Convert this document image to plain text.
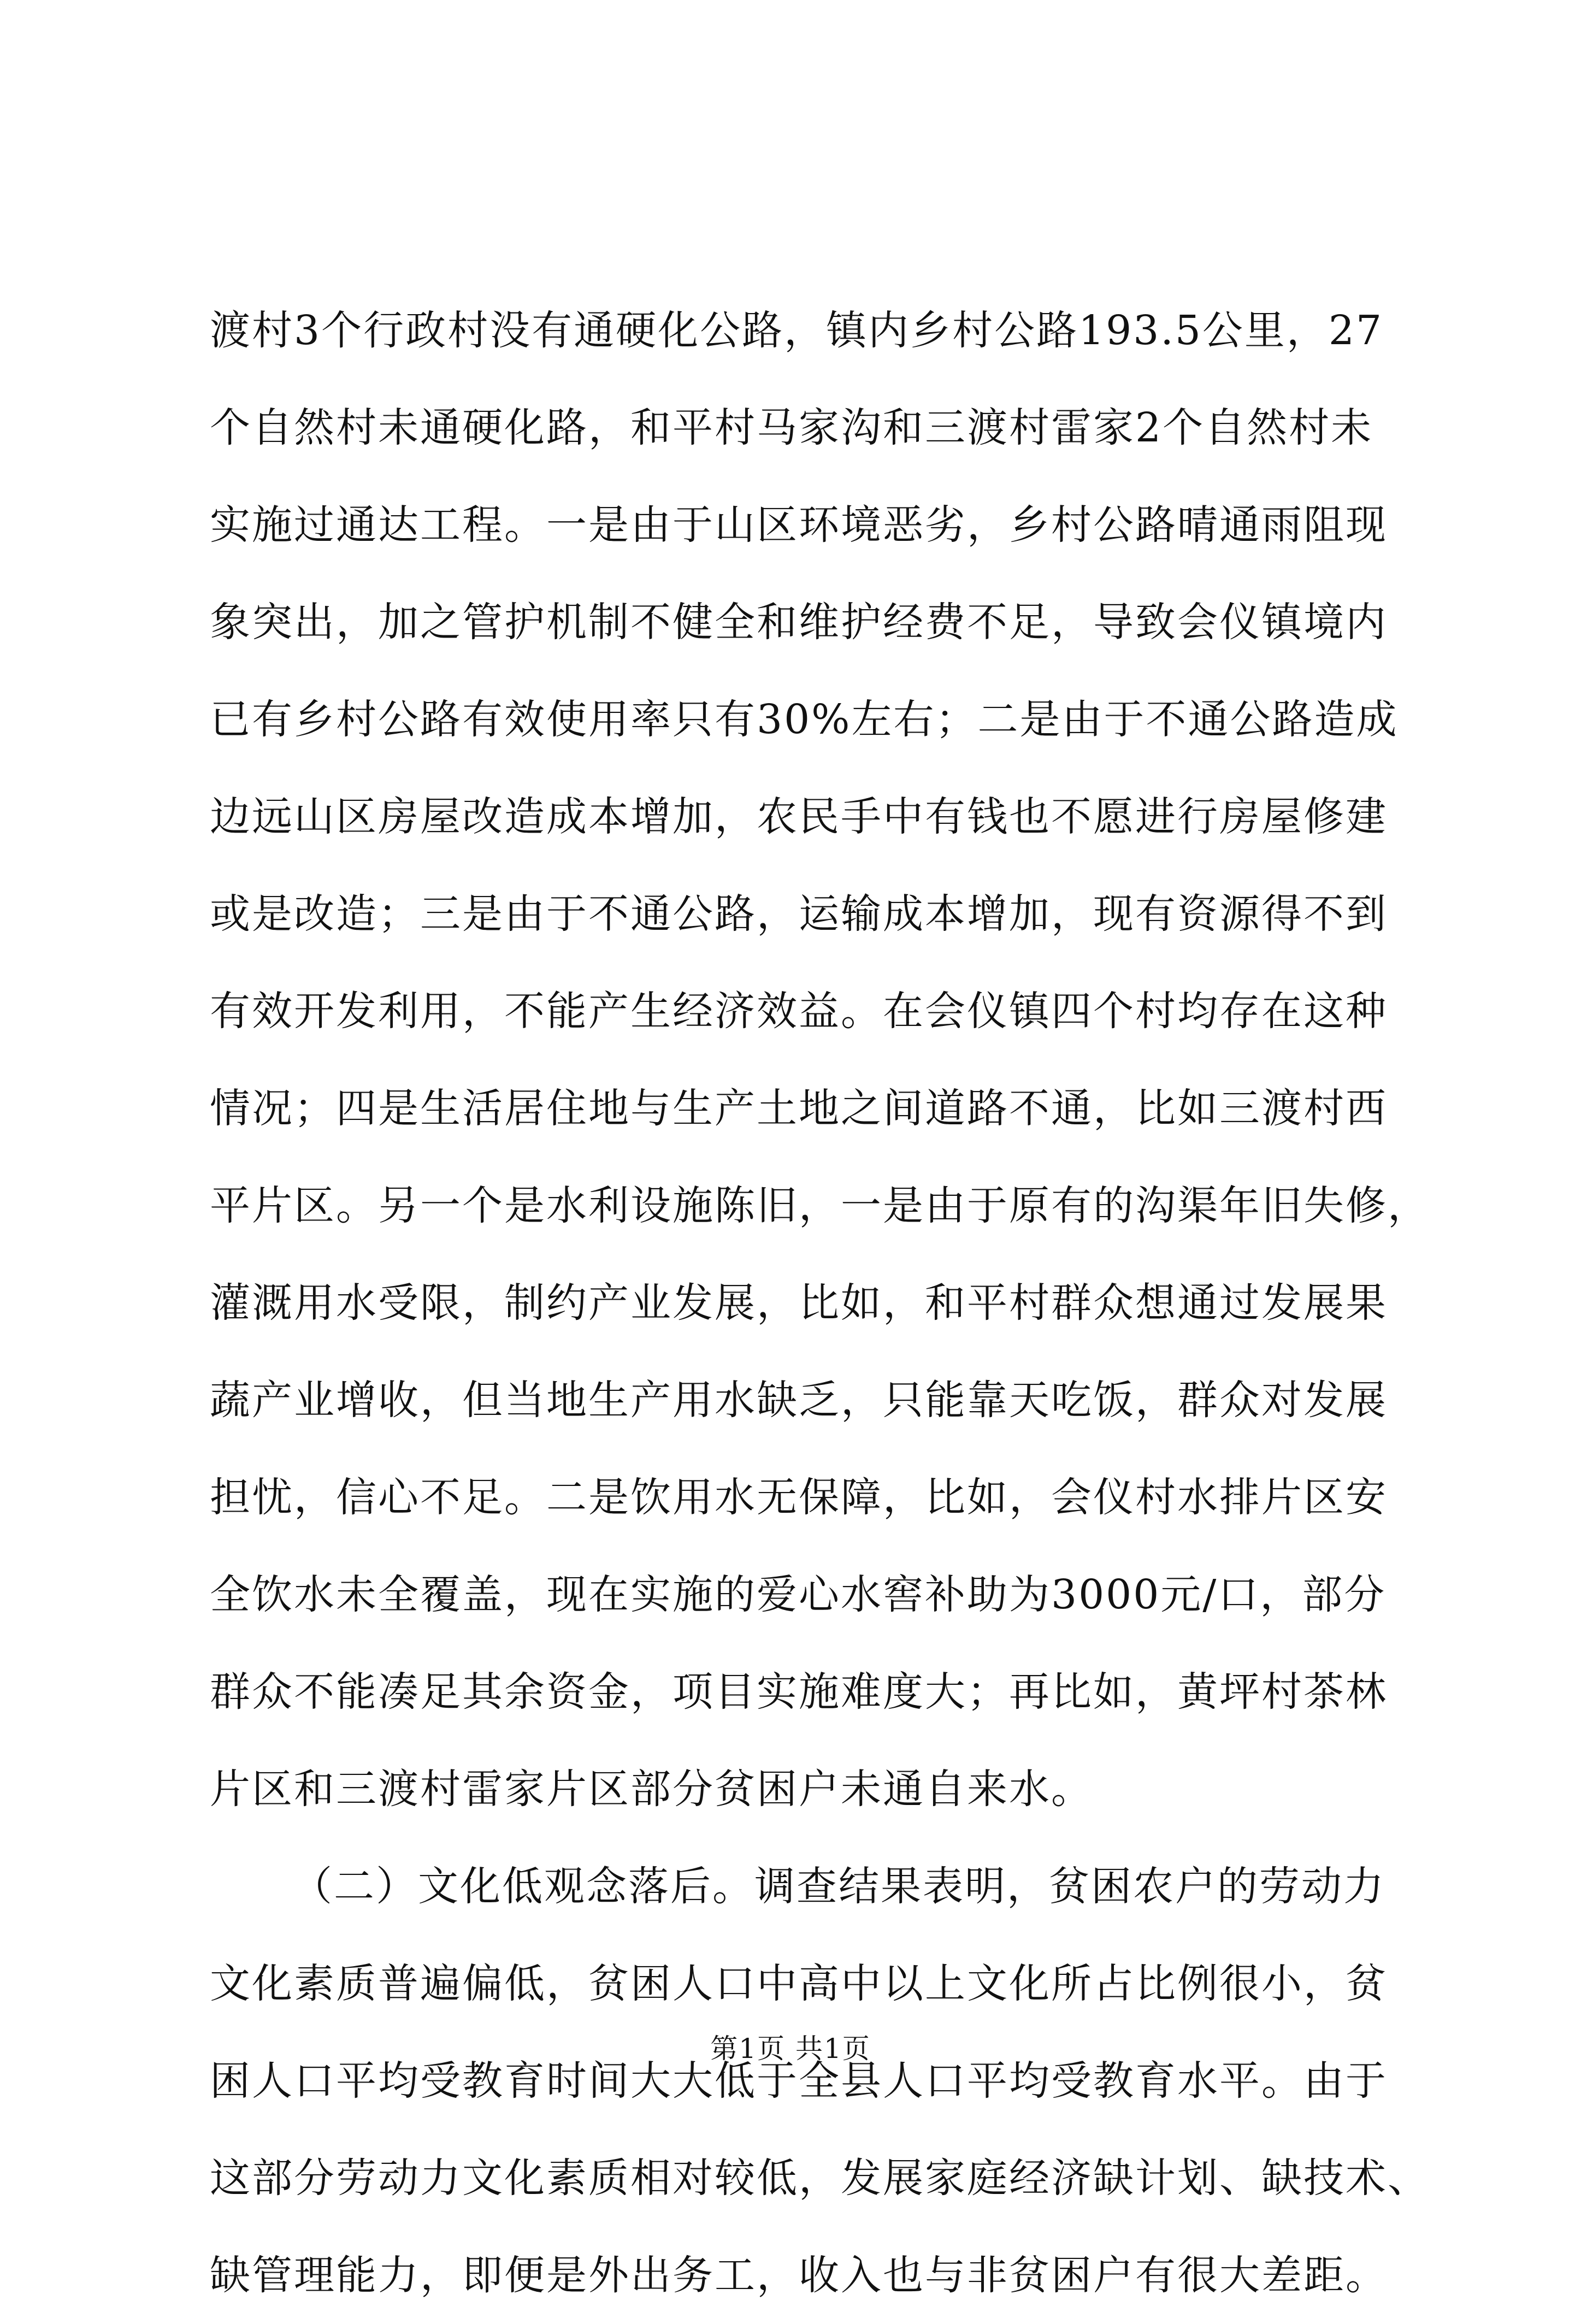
渡村3个行政村没有通硬化公路，镇内乡村公路193.5公里，27
个自然村未通硬化路，和平村马家沟和三渡村雷家2个自然村未
实施过通达工程。一是由于山区环境恶劣，乡村公路晴通雨阻现
象突出，加之管护机制不健全和维护经费不足，导致会仪镇境内
已有乡村公路有效使用率只有30%左右；二是由于不通公路造成
边远山区房屋改造成本增加，农民手中有钱也不愿进行房屋修建
或是改造；三是由于不通公路，运输成本增加，现有资源得不到
有效开发利用，不能产生经济效益。在会仪镇四个村均存在这种
情况；四是生活居住地与生产土地之间道路不通，比如三渡村西
平片区。另一个是水利设施陈旧，一是由于原有的沟渠年旧失修，
灌溉用水受限，制约产业发展，比如，和平村群众想通过发展果
蔬产业增收，但当地生产用水缺乏，只能靠天吃饭，群众对发展
担忧，信心不足。二是饮用水无保障，比如，会仪村水排片区安
全饮水未全覆盖，现在实施的爱心水窖补助为3000元/口，部分
群众不能凑足其余资金，项目实施难度大；再比如，黄坪村茶林
片区和三渡村雷家片区部分贫困户未通自来水。
（二）文化低观念落后。调查结果表明，贫困农户的劳动力
文化素质普遍偏低，贫困人口中高中以上文化所占比例很小，贫
困人口平均受教育时间大大低于全县人口平均受教育水平。由于
这部分劳动力文化素质相对较低，发展家庭经济缺计划、缺技术、
缺管理能力，即便是外出务工，收入也与非贫困户有很大差距。
第1页 共1页
